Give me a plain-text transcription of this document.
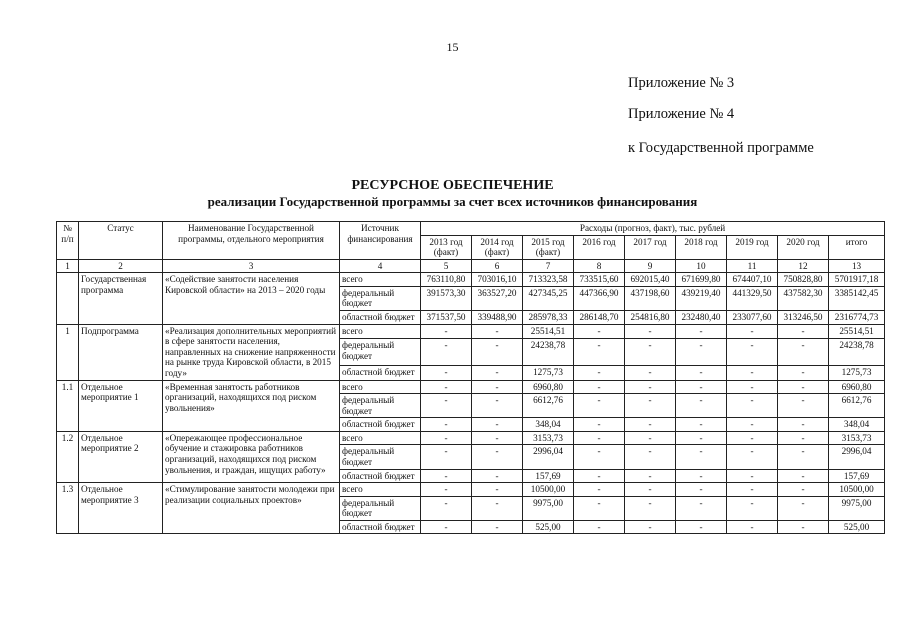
15
Приложение № 3
Приложение № 4
к Государственной программе
РЕСУРСНОЕ ОБЕСПЕЧЕНИЕ
реализации Государственной программы за счет всех источников финансирования
№ п/п	Статус	Наименование Государственной программы, отдельного мероприятия	Источник финансирования	Расходы (прогноз, факт), тыс. рублей								
				2013 год (факт)	2014 год (факт)	2015 год (факт)	2016 год	2017 год	2018 год	2019 год	2020 год	итого
1	2	3	4	5	6	7	8	9	10	11	12	13
	Государственная программа	«Содействие занятости населения Кировской области» на 2013 – 2020 годы	всего	763110,80	703016,10	713323,58	733515,60	692015,40	671699,80	674407,10	750828,80	5701917,18
			федеральный бюджет	391573,30	363527,20	427345,25	447366,90	437198,60	439219,40	441329,50	437582,30	3385142,45
			областной бюджет	371537,50	339488,90	285978,33	286148,70	254816,80	232480,40	233077,60	313246,50	2316774,73
1	Подпрограмма	«Реализация дополнительных мероприятий в сфере занятости населения, направленных на снижение напряженности на рынке труда Кировской области, в 2015 году»	всего	-	-	25514,51	-	-	-	-	-	25514,51
			федеральный бюджет	-	-	24238,78	-	-	-	-	-	24238,78
			областной бюджет	-	-	1275,73	-	-	-	-	-	1275,73
1.1	Отдельное мероприятие 1	«Временная занятость работников организаций, находящихся под риском увольнения»	всего	-	-	6960,80	-	-	-	-	-	6960,80
			федеральный бюджет	-	-	6612,76	-	-	-	-	-	6612,76
			областной бюджет	-	-	348,04	-	-	-	-	-	348,04
1.2	Отдельное мероприятие 2	«Опережающее профессиональное обучение и стажировка работников организаций, находящихся под риском увольнения, и граждан, ищущих работу»	всего	-	-	3153,73	-	-	-	-	-	3153,73
			федеральный бюджет	-	-	2996,04	-	-	-	-	-	2996,04
			областной бюджет	-	-	157,69	-	-	-	-	-	157,69
1.3	Отдельное мероприятие 3	«Стимулирование занятости молодежи при реализации социальных проектов»	всего	-	-	10500,00	-	-	-	-	-	10500,00
			федеральный бюджет	-	-	9975,00	-	-	-	-	-	9975,00
			областной бюджет	-	-	525,00	-	-	-	-	-	525,00
